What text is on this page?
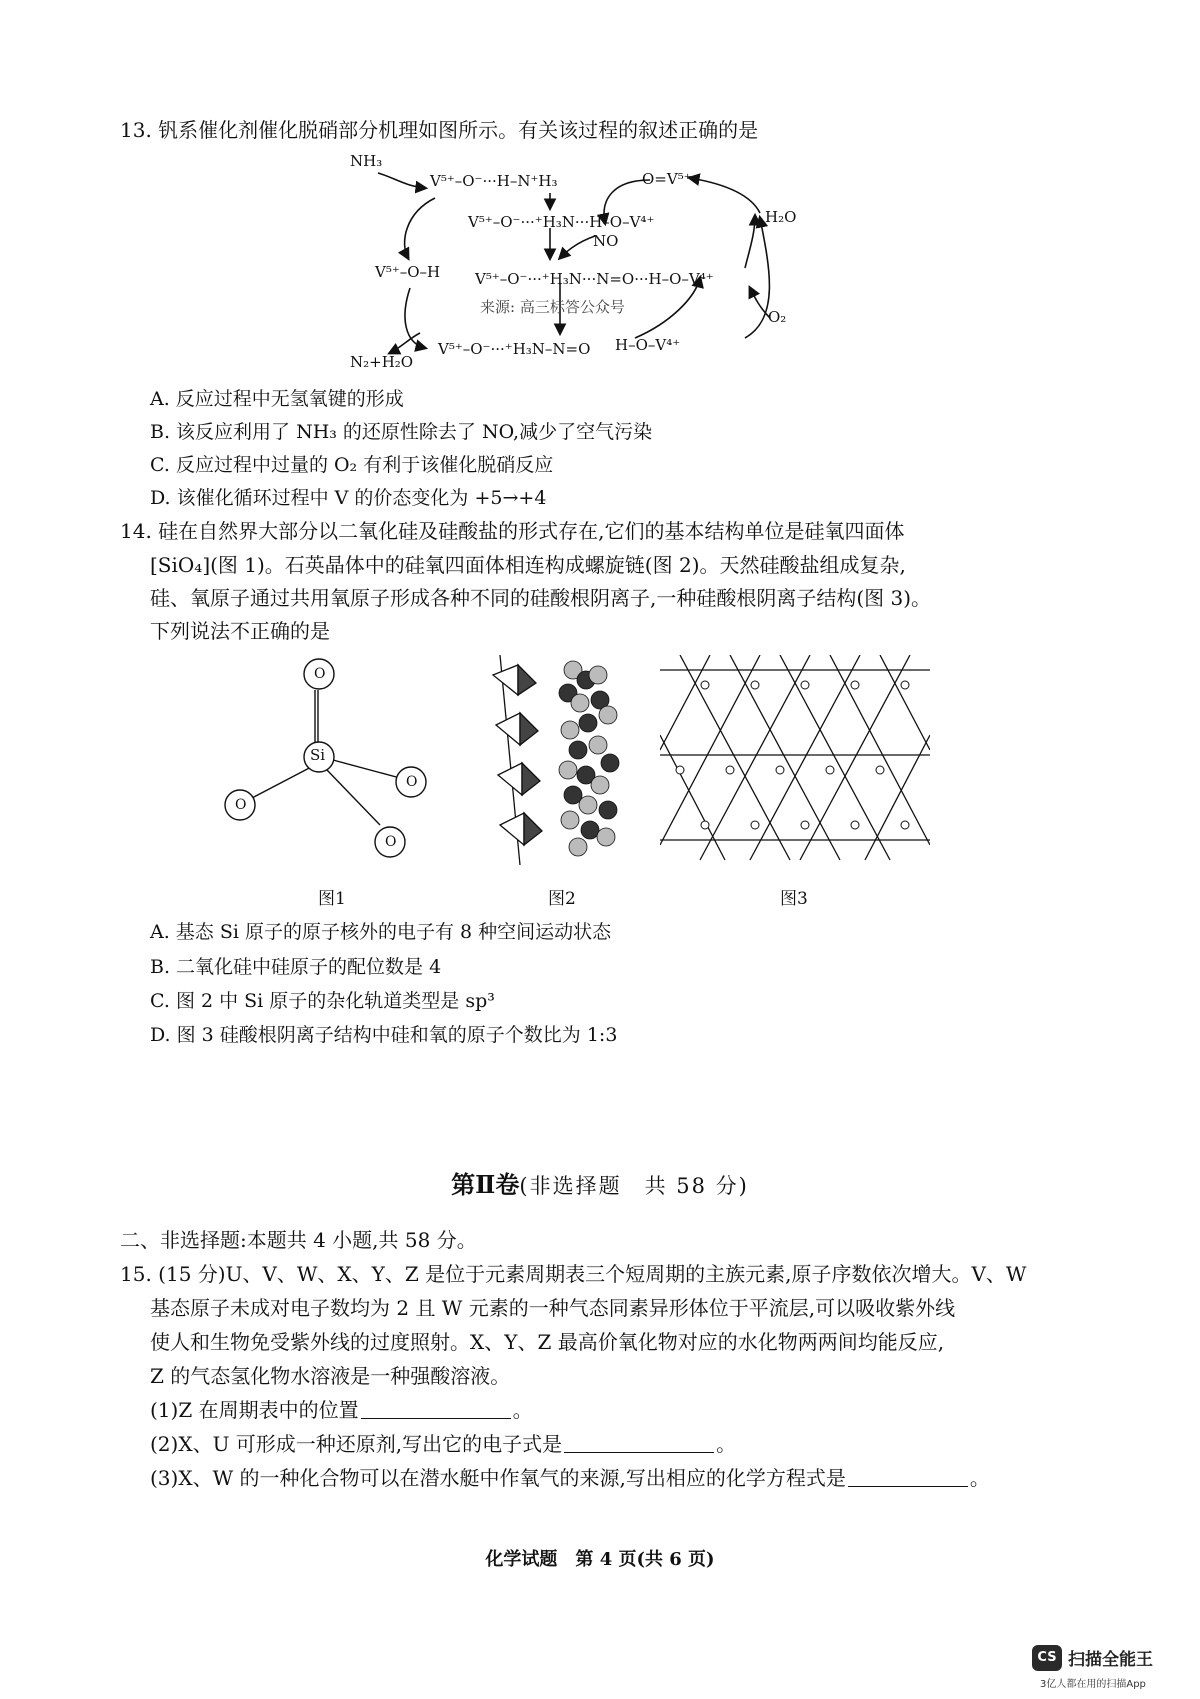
13. 钒系催化剂催化脱硝部分机理如图所示。有关该过程的叙述正确的是
NH₃
V⁵⁺–O⁻···H–N⁺H₃
V⁵⁺–O⁻···⁺H₃N···H–O–V⁴⁺
NO
V⁵⁺–O⁻···⁺H₃N···N=O···H–O–V⁴⁺
V⁵⁺–O–H
来源: 高三标答公众号
V⁵⁺–O⁻···⁺H₃N–N=O H–O–V⁴⁺
O=V⁵⁺
H₂O
O₂
N₂+H₂O
A. 反应过程中无氢氧键的形成
B. 该反应利用了 NH₃ 的还原性除去了 NO,减少了空气污染
C. 反应过程中过量的 O₂ 有利于该催化脱硝反应
D. 该催化循环过程中 V 的价态变化为 +5→+4
14. 硅在自然界大部分以二氧化硅及硅酸盐的形式存在,它们的基本结构单位是硅氧四面体
[SiO₄](图 1)。石英晶体中的硅氧四面体相连构成螺旋链(图 2)。天然硅酸盐组成复杂,
硅、氧原子通过共用氧原子形成各种不同的硅酸根阴离子,一种硅酸根阴离子结构(图 3)。
下列说法不正确的是
Si
O
O
O
O
图1	图2	图3
A. 基态 Si 原子的原子核外的电子有 8 种空间运动状态
B. 二氧化硅中硅原子的配位数是 4
C. 图 2 中 Si 原子的杂化轨道类型是 sp³
D. 图 3 硅酸根阴离子结构中硅和氧的原子个数比为 1:3
第Ⅱ卷(非选择题　共 58 分)
二、非选择题:本题共 4 小题,共 58 分。
15. (15 分)U、V、W、X、Y、Z 是位于元素周期表三个短周期的主族元素,原子序数依次增大。V、W
基态原子未成对电子数均为 2 且 W 元素的一种气态同素异形体位于平流层,可以吸收紫外线
使人和生物免受紫外线的过度照射。X、Y、Z 最高价氧化物对应的水化物两两间均能反应,
Z 的气态氢化物水溶液是一种强酸溶液。
(1)Z 在周期表中的位置	。
(2)X、U 可形成一种还原剂,写出它的电子式是	。
(3)X、W 的一种化合物可以在潜水艇中作氧气的来源,写出相应的化学方程式是	。
化学试题　第 4 页(共 6 页)
CS 扫描全能王
3亿人都在用的扫描App
